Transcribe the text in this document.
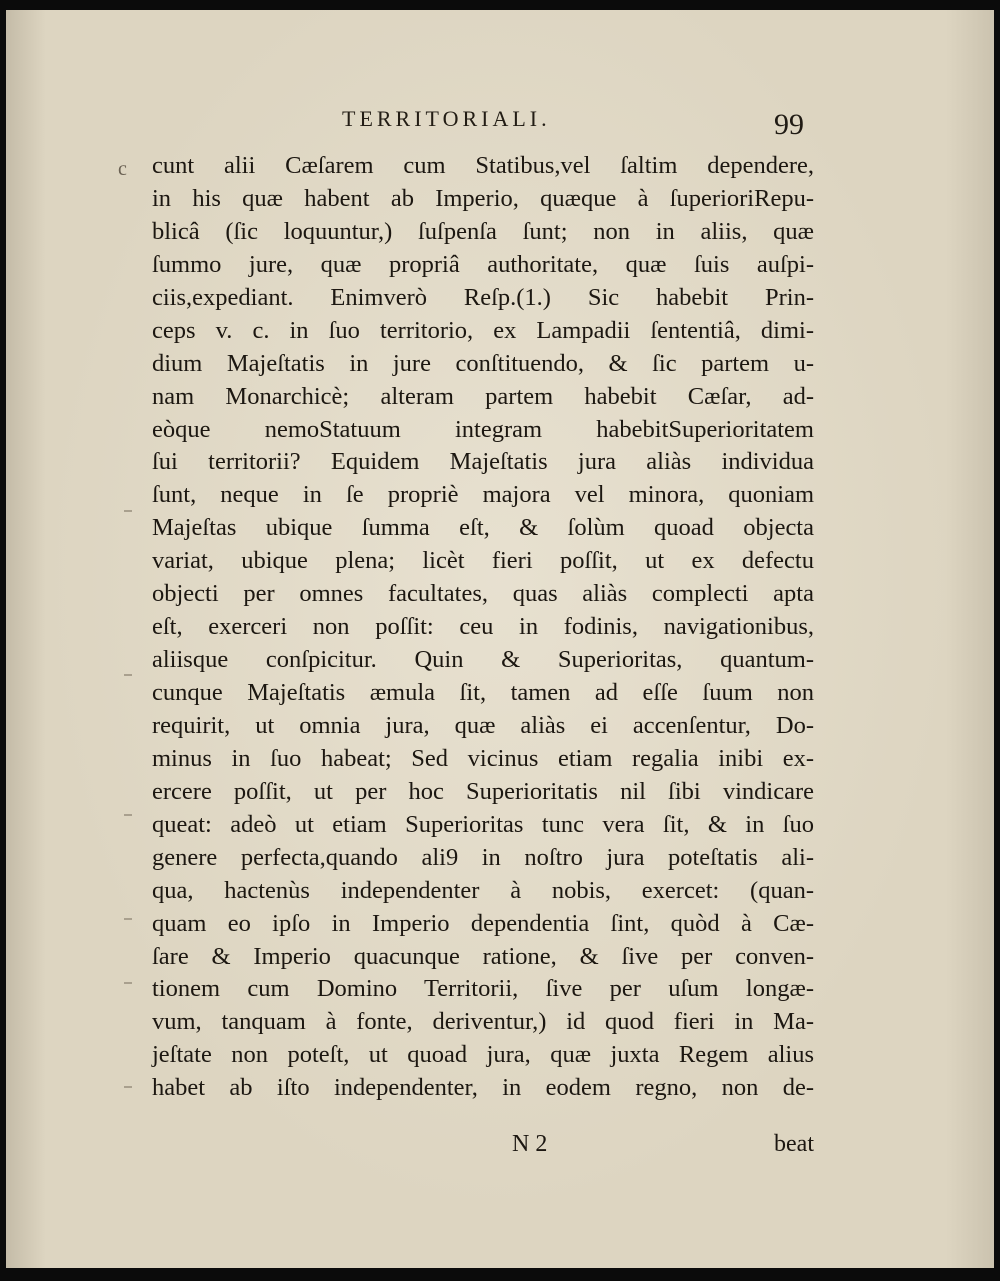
TERRITORIALI.	99
c cunt alii Cæſarem cum Statibus,vel ſaltim dependere,
in his quæ habent ab Imperio, quæque à ſuperioriRepu-
blicâ (ſic loquuntur,) ſuſpenſa ſunt; non in aliis, quæ
ſummo jure, quæ propriâ authoritate, quæ ſuis auſpi-
ciis,expediant. Enimverò Reſp.(1.) Sic habebit Prin-
ceps v. c. in ſuo territorio, ex Lampadii ſententiâ, dimi-
dium Majeſtatis in jure conſtituendo, & ſic partem u-
nam Monarchicè; alteram partem habebit Cæſar, ad-
eòque nemoStatuum integram habebitSuperioritatem
ſui territorii? Equidem Majeſtatis jura aliàs individua
ſunt, neque in ſe propriè majora vel minora, quoniam
Majeſtas ubique ſumma eſt, & ſolùm quoad objecta
variat, ubique plena; licèt fieri poſſit, ut ex defectu
objecti per omnes facultates, quas aliàs complecti apta
eſt, exerceri non poſſit: ceu in fodinis, navigationibus,
aliisque conſpicitur. Quin & Superioritas, quantum-
cunque Majeſtatis æmula ſit, tamen ad eſſe ſuum non
requirit, ut omnia jura, quæ aliàs ei accenſentur, Do-
minus in ſuo habeat; Sed vicinus etiam regalia inibi ex-
ercere poſſit, ut per hoc Superioritatis nil ſibi vindicare
queat: adeò ut etiam Superioritas tunc vera ſit, & in ſuo
genere perfecta,quando ali9 in noſtro jura poteſtatis ali-
qua, hactenùs independenter à nobis, exercet: (quan-
quam eo ipſo in Imperio dependentia ſint, quòd à Cæ-
ſare & Imperio quacunque ratione, & ſive per conven-
tionem cum Domino Territorii, ſive per uſum longæ-
vum, tanquam à fonte, deriventur,) id quod fieri in Ma-
jeſtate non poteſt, ut quoad jura, quæ juxta Regem alius
habet ab iſto independenter, in eodem regno, non de-
N 2	beat
